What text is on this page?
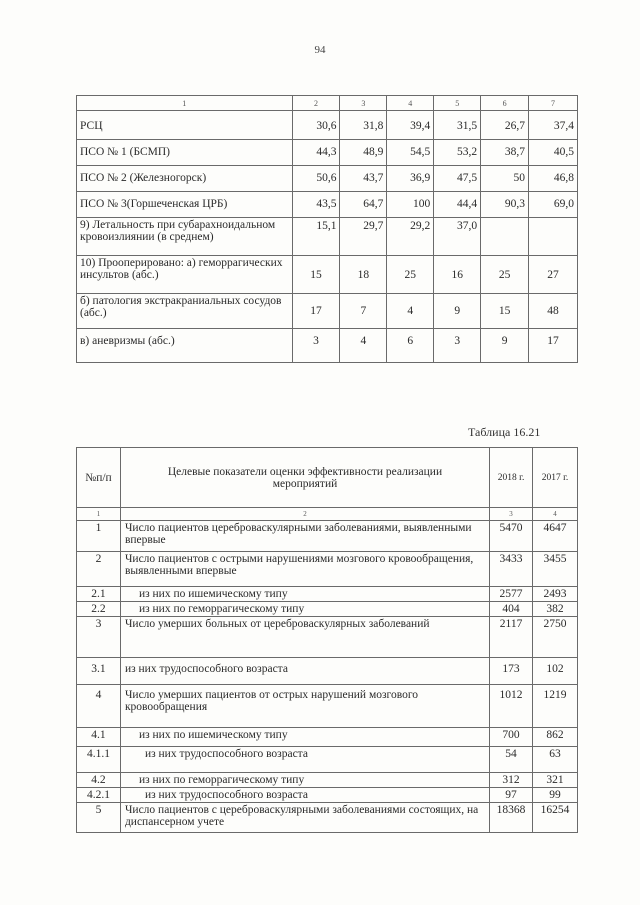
94
1	2	3	4	5	6	7
РСЦ	30,6	31,8	39,4	31,5	26,7	37,4
ПСО № 1 (БСМП)	44,3	48,9	54,5	53,2	38,7	40,5
ПСО № 2 (Железногорск)	50,6	43,7	36,9	47,5	50	46,8
ПСО № 3(Горшеченская ЦРБ)	43,5	64,7	100	44,4	90,3	69,0
9) Летальность при субарахноидальном кровоизлиянии (в среднем)	15,1	29,7	29,2	37,0		
10) Прооперировано: а) геморрагических инсультов (абс.)	15	18	25	16	25	27
б) патология экстракраниальных сосудов (абс.)	17	7	4	9	15	48
в) аневризмы (абс.)	3	4	6	3	9	17
Таблица 16.21
№п/п	Целевые показатели оценки эффективности реализации мероприятий	2018 г.	2017 г.
1	2	3	4
1	Число пациентов цереброваскулярными заболеваниями, выявленными впервые	5470	4647
2	Число пациентов с острыми нарушениями мозгового кровообращения, выявленными впервые	3433	3455
2.1	из них по ишемическому типу	2577	2493
2.2	из них по геморрагическому типу	404	382
3	Число умерших больных от цереброваскулярных заболеваний	2117	2750
3.1	из них трудоспособного возраста	173	102
4	Число умерших пациентов от острых нарушений мозгового кровообращения	1012	1219
4.1	из них по ишемическому типу	700	862
4.1.1	из них трудоспособного возраста	54	63
4.2	из них по геморрагическому типу	312	321
4.2.1	из них трудоспособного возраста	97	99
5	Число пациентов с цереброваскулярными заболеваниями состоящих, на диспансерном учете	18368	16254
